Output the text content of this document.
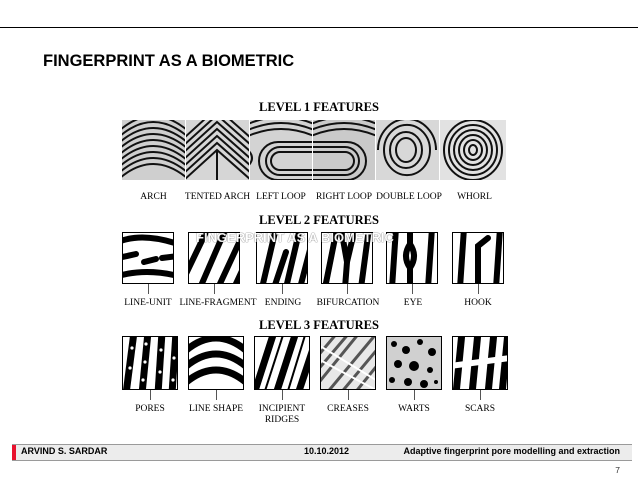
FINGERPRINT AS A BIOMETRIC
LEVEL 1 FEATURES
ARCH	TENTED ARCH LEFT LOOP	RIGHT LOOP DOUBLE LOOP	WHORL
LEVEL 2 FEATURES
LINE-UNIT LINE-FRAGMENT ENDING	BIFURCATION	EYE	HOOK
LEVEL 3 FEATURES
PORES	LINE SHAPE	INCIPIENT
RIDGES
CREASES	WARTS	SCARS
FINGERPRINT AS A BIOMETRIC
ARVIND S. SARDAR	10.10.2012	Adaptive fingerprint pore modelling and extraction
7
